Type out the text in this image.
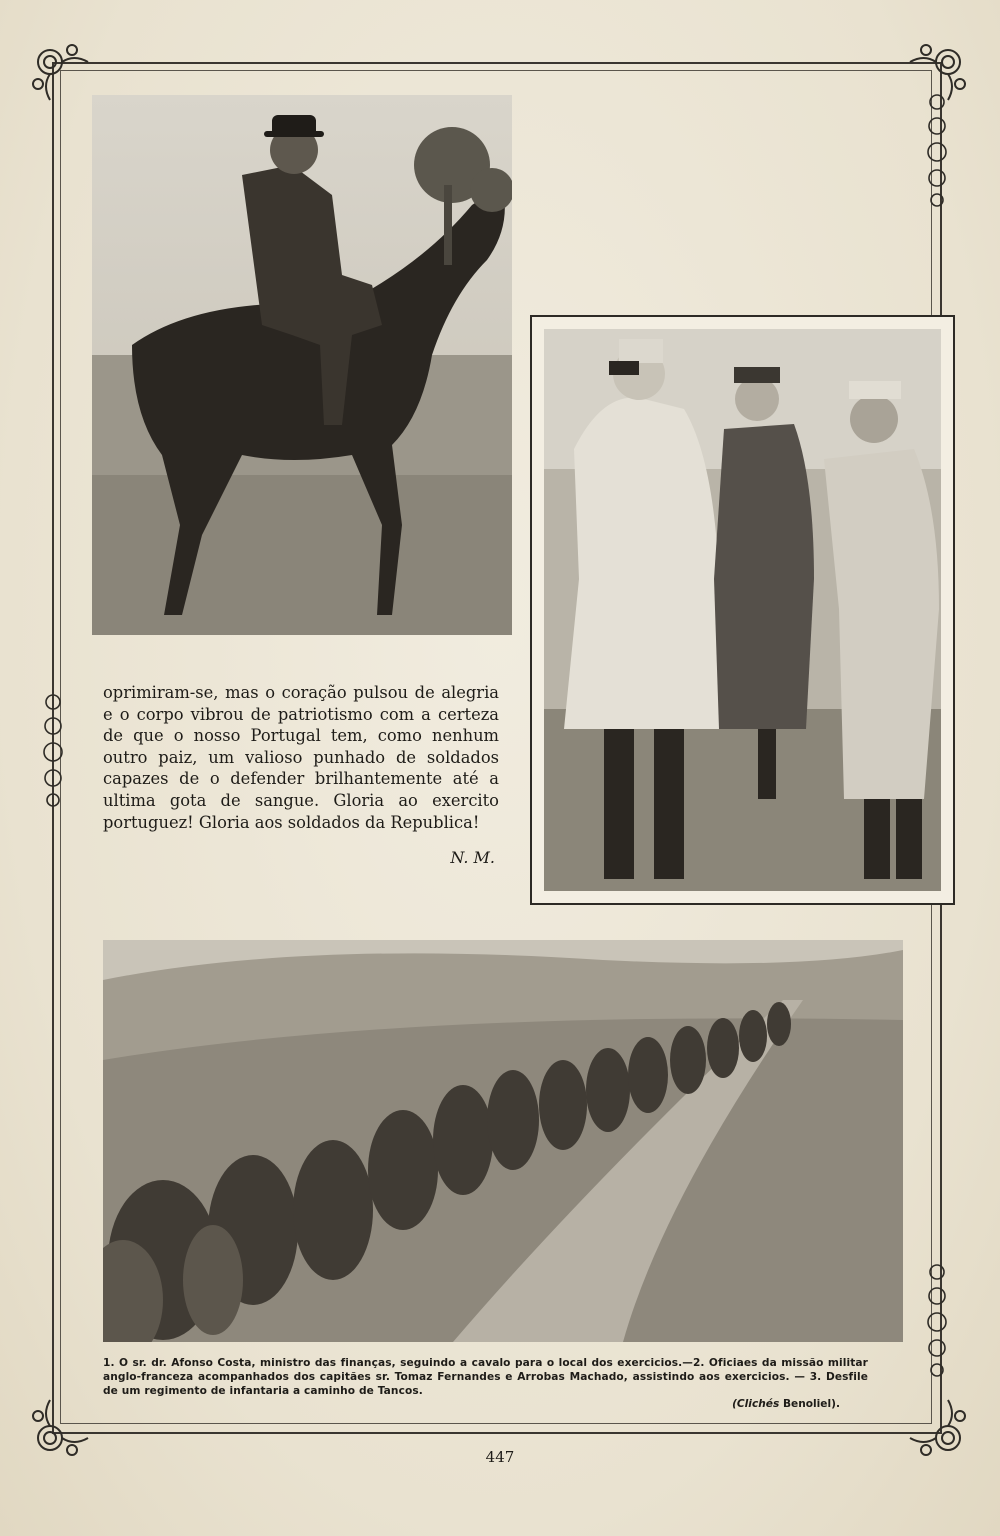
oprimiram-se, mas o coração pulsou de alegria e o corpo vibrou de patriotismo com a certeza de que o nosso Portugal tem, como nenhum outro paiz, um valioso punhado de soldados capazes de o defender brilhantemente até a ultima gota de sangue. Gloria ao exercito portuguez! Gloria aos soldados da Republica!

N. M.
1. O sr. dr. Afonso Costa, ministro das finanças, seguindo a cavalo para o local dos exercicios.—2. Oficiaes da missão militar anglo-franceza acompanhados dos capitães sr. Tomaz Fernandes e Arrobas Machado, assistindo aos exercicios. — 3. Desfile de um regimento de infantaria a caminho de Tancos.
(Clichés Benoliel).
447
